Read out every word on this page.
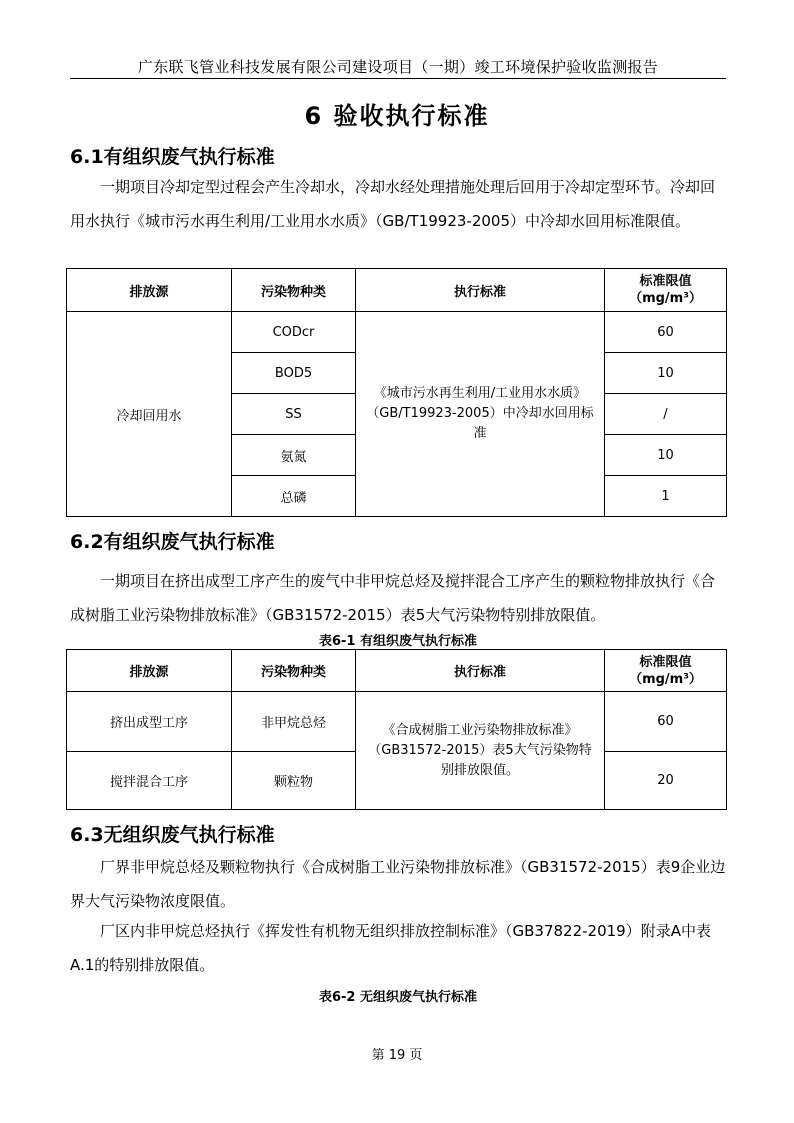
广东联飞管业科技发展有限公司建设项目（一期）竣工环境保护验收监测报告
6 验收执行标准
6.1有组织废气执行标准

一期项目冷却定型过程会产生冷却水，冷却水经处理措施处理后回用于冷却定型环节。冷却回用水执行《城市污水再生利用/工业用水水质》（GB/T19923-2005）中冷却水回用标准限值。

排放源	污染物种类	执行标准	标准限值
（mg/m³）
冷却回用水	CODcr	《城市污水再生利用/工业用水水质》（GB/T19923-2005）中冷却水回用标准	60
	BOD5		10
	SS		/
	氨氮		10
	总磷		1
6.2有组织废气执行标准

一期项目在挤出成型工序产生的废气中非甲烷总烃及搅拌混合工序产生的颗粒物排放执行《合成树脂工业污染物排放标准》（GB31572-2015）表5大气污染物特别排放限值。

表6-1 有组织废气执行标准
排放源	污染物种类	执行标准	标准限值
（mg/m³）
挤出成型工序	非甲烷总烃	《合成树脂工业污染物排放标准》（GB31572-2015）表5大气污染物特别排放限值。	60
搅拌混合工序	颗粒物		20
6.3无组织废气执行标准

厂界非甲烷总烃及颗粒物执行《合成树脂工业污染物排放标准》（GB31572-2015）表9企业边界大气污染物浓度限值。

厂区内非甲烷总烃执行《挥发性有机物无组织排放控制标准》（GB37822-2019）附录A中表A.1的特别排放限值。

表6-2 无组织废气执行标准
第 19 页
